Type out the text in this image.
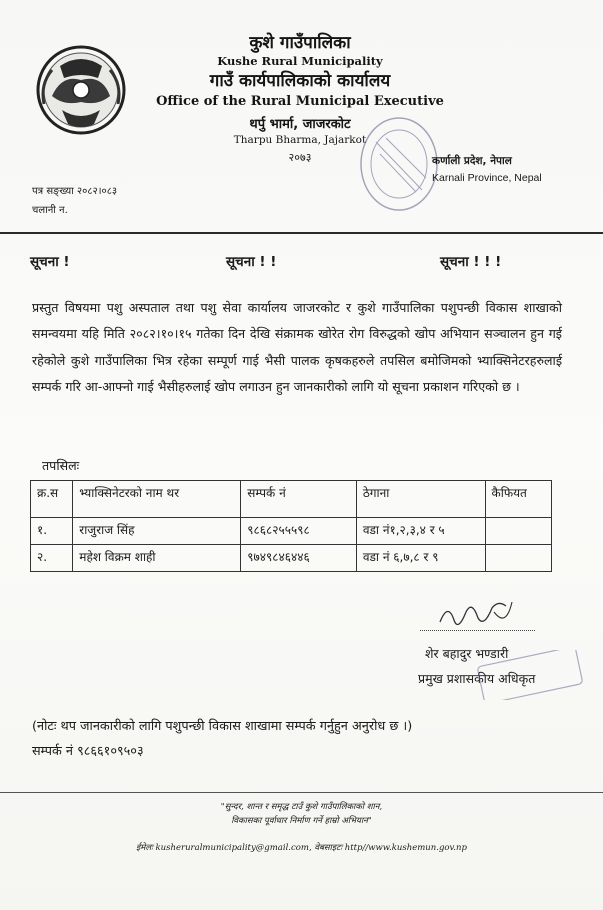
कुशे गाउँपालिका
Kushe Rural Municipality
गाउँ कार्यपालिकाको कार्यालय
Office of the Rural Municipal Executive
थर्पु भार्मा, जाजरकोट
Tharpu Bharma, Jajarkot
२०७३	कर्णाली प्रदेश, नेपाल
Karnali Province, Nepal
पत्र सङ्ख्या २०८२।०८३
चलानी न.
सूचना !	सूचना ! !	सूचना ! ! !
प्रस्तुत विषयमा पशु अस्पताल तथा पशु सेवा कार्यालय जाजरकोट र कुशे गाउँपालिका पशुपन्छी विकास शाखाको समन्वयमा यहि मिति २०८२।१०।१५ गतेका दिन देखि संक्रामक खोरेत रोग विरुद्धको खोप अभियान सञ्चालन हुन गई रहेकोले कुशे गाउँपालिका भित्र रहेका सम्पूर्ण गाई भैसी पालक कृषकहरुले तपसिल बमोजिमको भ्याक्सिनेटरहरुलाई सम्पर्क गरि आ-आफ्नो गाई भैसीहरुलाई खोप लगाउन हुन जानकारीको लागि यो सूचना प्रकाशन गरिएको छ ।
तपसिलः
क्र.स	भ्याक्सिनेटरको नाम थर	सम्पर्क नं	ठेगाना	कैफियत
१.	राजुराज सिंह	९८६८२५५५९८	वडा नं१,२,३,४ र ५	
२.	महेश विक्रम शाही	९७४९८४६४४६	वडा नं ६,७,८ र ९	
शेर बहादुर भण्डारी
प्रमुख प्रशासकीय अधिकृत
(नोटः थप जानकारीको लागि पशुपन्छी विकास शाखामा सम्पर्क गर्नुहुन अनुरोध छ ।)
सम्पर्क नं ९८६६१०९५०३
"सुन्दर, शान्त र समृद्ध टाउँ कुशे गाउँपालिकाको शान,
विकासका पूर्वाधार निर्माण गर्ने हाम्रो अभियान"
ईमेलः kusheruralmunicipality@gmail.com, वेबसाइटः http//www.kushemun.gov.np
